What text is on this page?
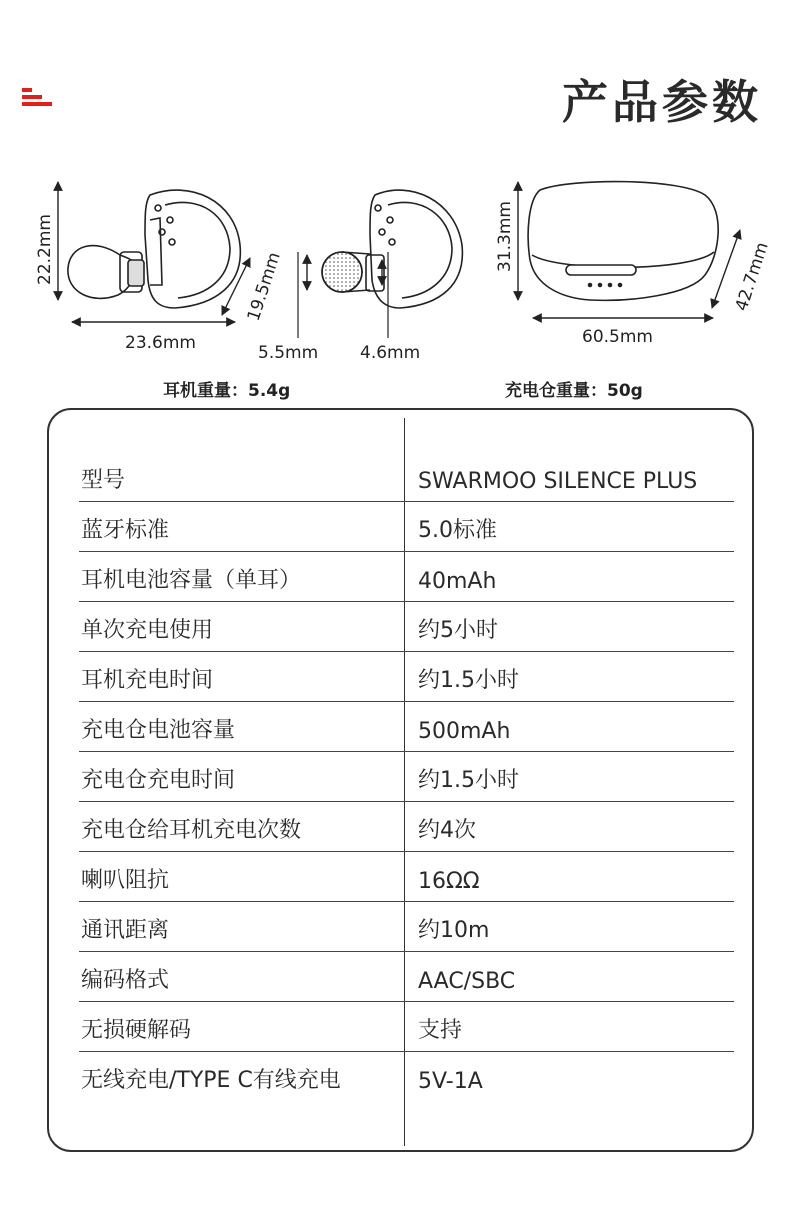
产品参数
22.2mm
23.6mm
19.5mm
5.5mm 4.6mm
31.3mm
60.5mm
42.7mm
耳机重量：5.4g	充电仓重量：50g
型号	SWARMOO SILENCE PLUS
蓝牙标准	5.0标准
耳机电池容量（单耳）	40mAh
单次充电使用	约5小时
耳机充电时间	约1.5小时
充电仓电池容量	500mAh
充电仓充电时间	约1.5小时
充电仓给耳机充电次数	约4次
喇叭阻抗	16ΩΩ
通讯距离	约10m
编码格式	AAC/SBC
无损硬解码	支持
无线充电/TYPE C有线充电	5V-1A
